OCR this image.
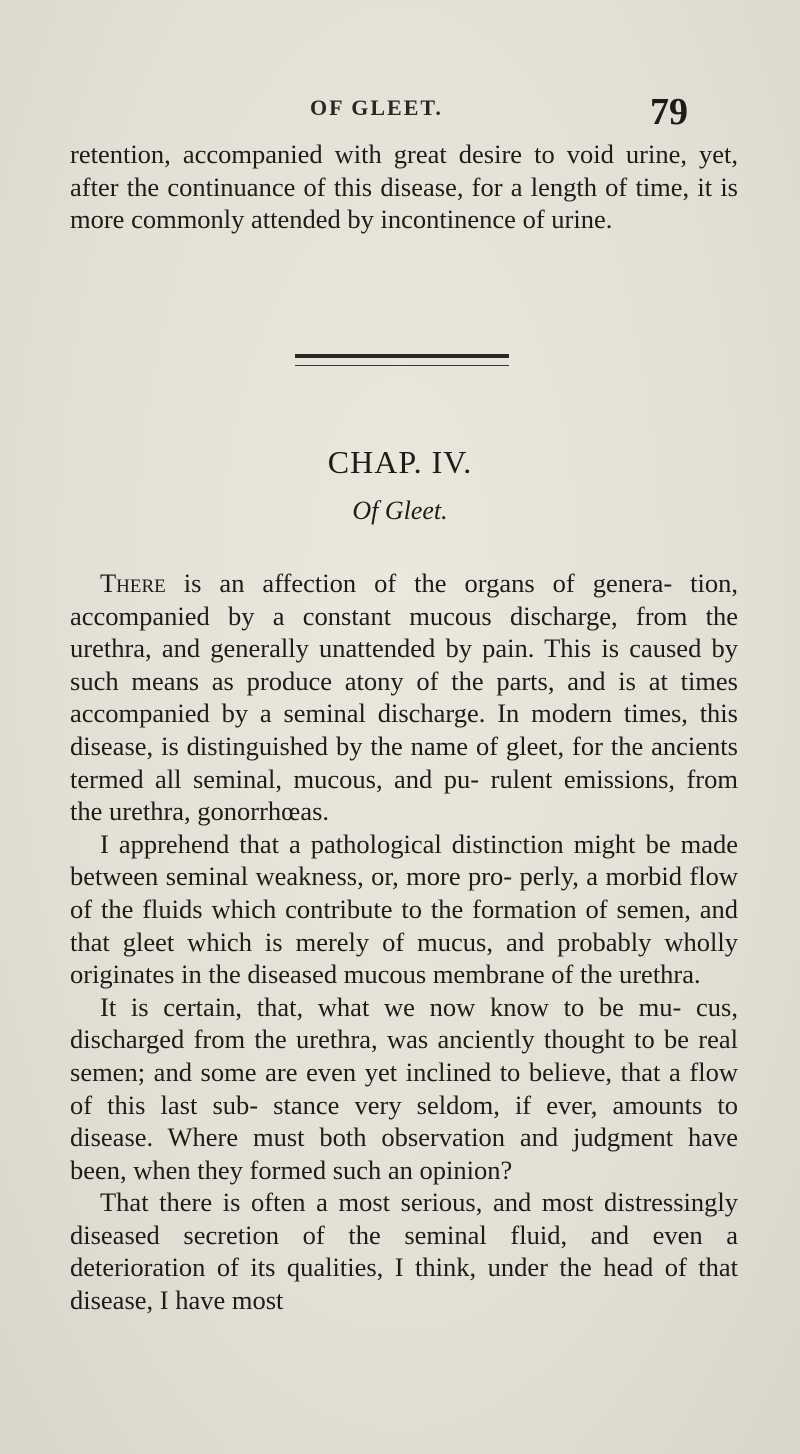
OF GLEET.	79

retention, accompanied with great desire to void urine, yet, after the continuance of this disease, for a length of time, it is more commonly attended by incontinence of urine.

CHAP. IV.
Of Gleet.

There is an affection of the organs of genera- tion, accompanied by a constant mucous discharge, from the urethra, and generally unattended by pain. This is caused by such means as produce atony of the parts, and is at times accompanied by a seminal discharge. In modern times, this disease, is distinguished by the name of gleet, for the ancients termed all seminal, mucous, and pu- rulent emissions, from the urethra, gonorrhœas.

I apprehend that a pathological distinction might be made between seminal weakness, or, more pro- perly, a morbid flow of the fluids which contribute to the formation of semen, and that gleet which is merely of mucus, and probably wholly originates in the diseased mucous membrane of the urethra.

It is certain, that, what we now know to be mu- cus, discharged from the urethra, was anciently thought to be real semen; and some are even yet inclined to believe, that a flow of this last sub- stance very seldom, if ever, amounts to disease. Where must both observation and judgment have been, when they formed such an opinion?

That there is often a most serious, and most distressingly diseased secretion of the seminal fluid, and even a deterioration of its qualities, I think, under the head of that disease, I have most
